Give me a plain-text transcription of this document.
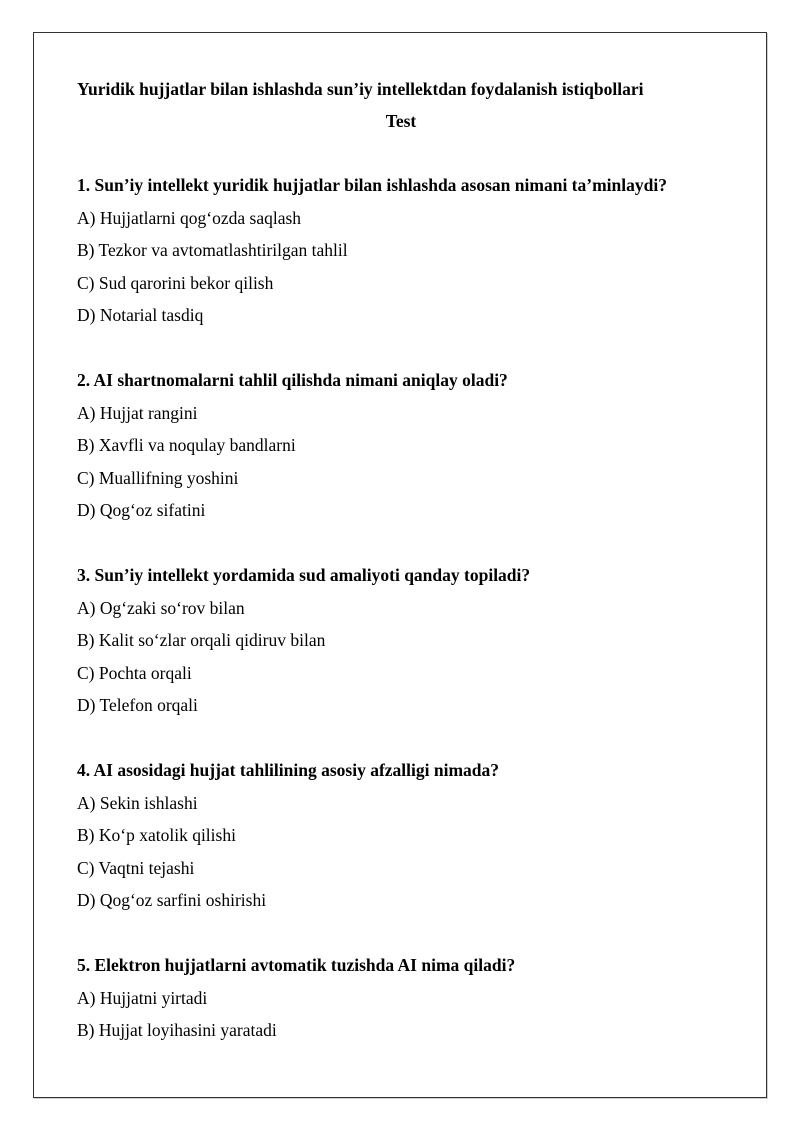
Yuridik hujjatlar bilan ishlashda sun’iy intellektdan foydalanish istiqbollari
Test
1. Sun’iy intellekt yuridik hujjatlar bilan ishlashda asosan nimani ta’minlaydi?
A) Hujjatlarni qog‘ozda saqlash
B) Tezkor va avtomatlashtirilgan tahlil
C) Sud qarorini bekor qilish
D) Notarial tasdiq
2. AI shartnomalarni tahlil qilishda nimani aniqlay oladi?
A) Hujjat rangini
B) Xavfli va noqulay bandlarni
C) Muallifning yoshini
D) Qog‘oz sifatini
3. Sun’iy intellekt yordamida sud amaliyoti qanday topiladi?
A) Og‘zaki so‘rov bilan
B) Kalit so‘zlar orqali qidiruv bilan
C) Pochta orqali
D) Telefon orqali
4. AI asosidagi hujjat tahlilining asosiy afzalligi nimada?
A) Sekin ishlashi
B) Ko‘p xatolik qilishi
C) Vaqtni tejashi
D) Qog‘oz sarfini oshirishi
5. Elektron hujjatlarni avtomatik tuzishda AI nima qiladi?
A) Hujjatni yirtadi
B) Hujjat loyihasini yaratadi
